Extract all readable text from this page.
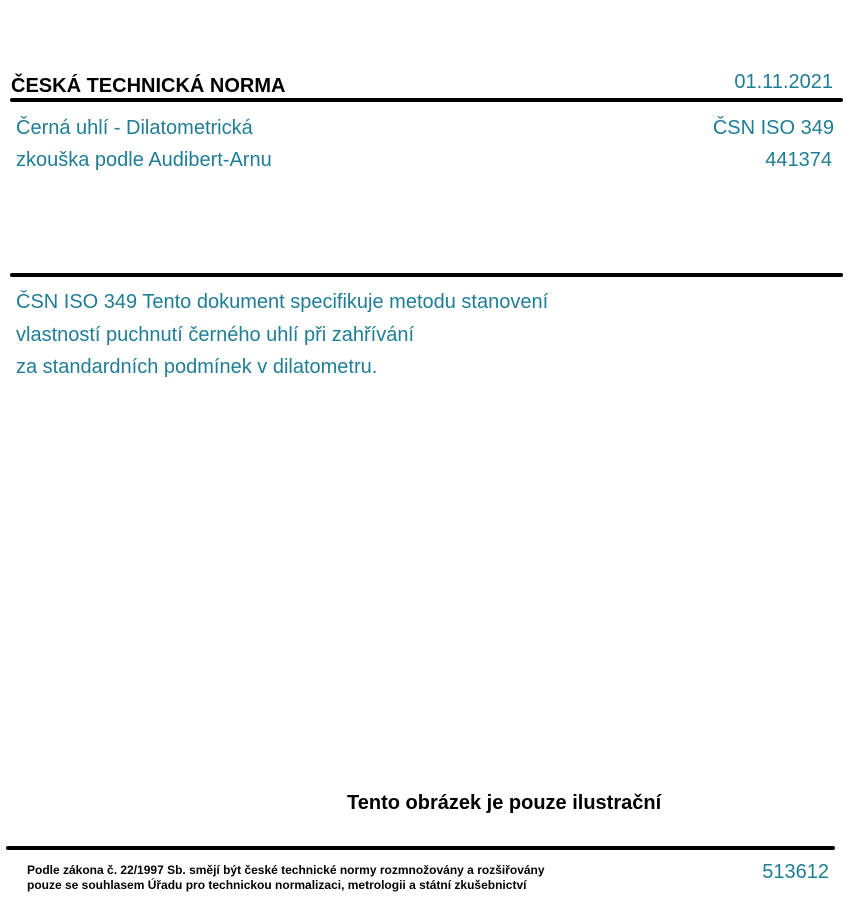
ČESKÁ TECHNICKÁ NORMA	01.11.2021
Černá uhlí - Dilatometrická
zkouška podle Audibert-Arnu
ČSN ISO 349
441374
ČSN ISO 349 Tento dokument specifikuje metodu stanovení
vlastností puchnutí černého uhlí při zahřívání
za standardních podmínek v dilatometru.
Tento obrázek je pouze ilustrační
Podle zákona č. 22/1997 Sb. smějí být české technické normy rozmnožovány a rozšiřovány
pouze se souhlasem Úřadu pro technickou normalizaci, metrologii a státní zkušebnictví
513612
